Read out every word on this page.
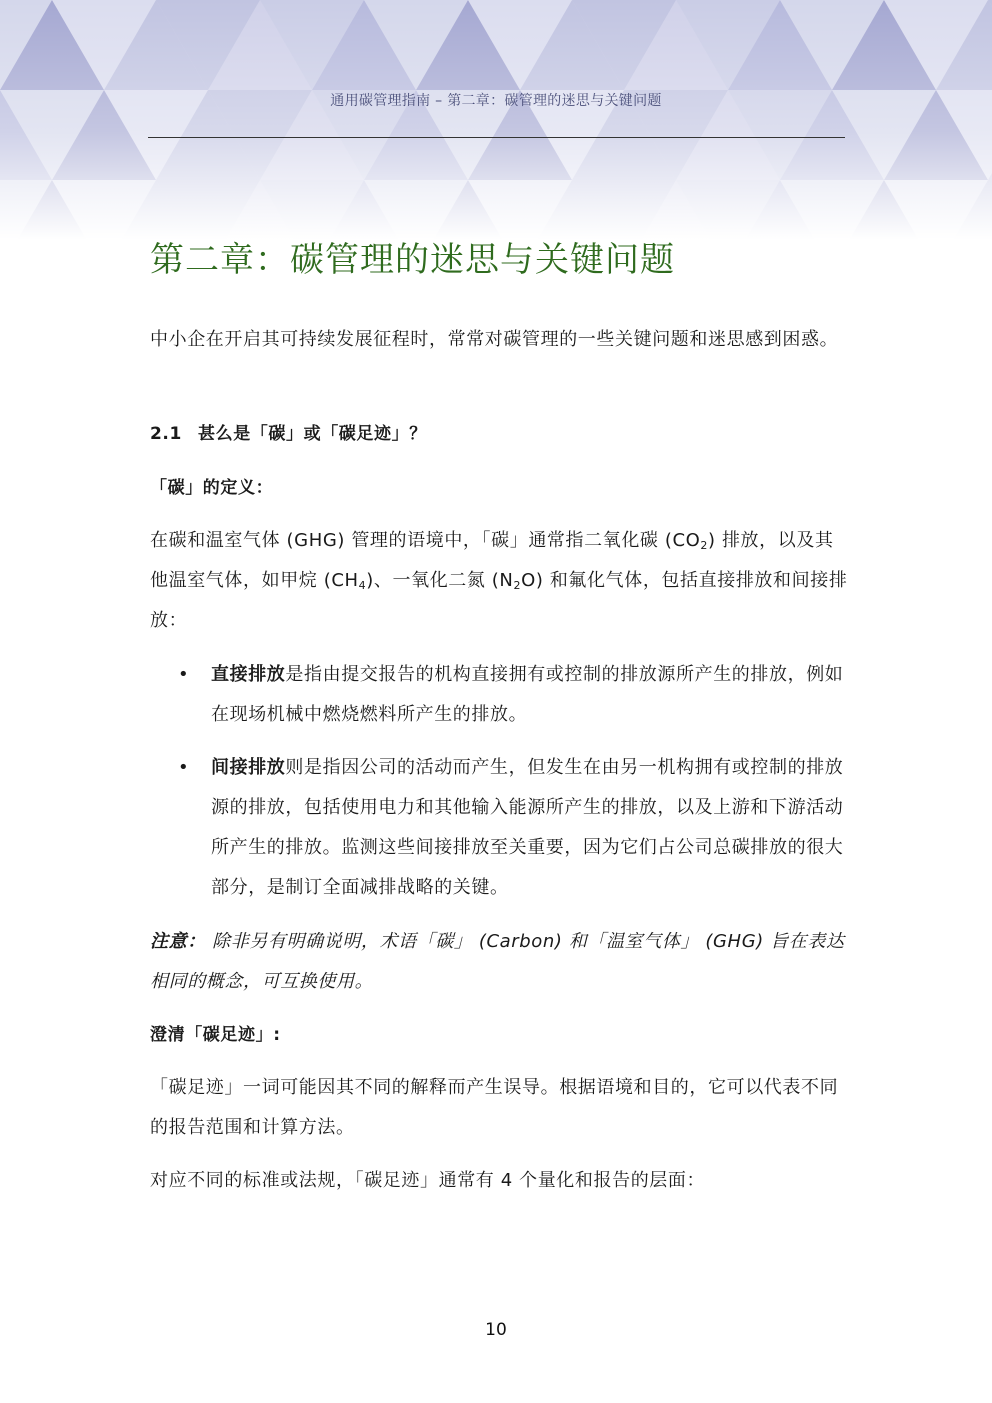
通用碳管理指南 – 第二章：碳管理的迷思与关键问题
第二章：碳管理的迷思与关键问题

中小企在开启其可持续发展征程时，常常对碳管理的一些关键问题和迷思感到困惑。

2.1 甚么是「碳」或「碳足迹」？
「碳」的定义：

在碳和温室气体 (GHG) 管理的语境中，「碳」通常指二氧化碳 $(CO_2)$ 排放，以及其他温室气体，如甲烷 $(CH_4)$、一氧化二氮 $(N_2O)$ 和氟化气体，包括直接排放和间接排放：

•	直接排放是指由提交报告的机构直接拥有或控制的排放源所产生的排放，例如在现场机械中燃烧燃料所产生的排放。

•	间接排放则是指因公司的活动而产生，但发生在由另一机构拥有或控制的排放源的排放，包括使用电力和其他输入能源所产生的排放，以及上游和下游活动所产生的排放。监测这些间接排放至关重要，因为它们占公司总碳排放的很大部分，是制订全面减排战略的关键。

注意： 除非另有明确说明，术语「碳」 (Carbon) 和「温室气体」 (GHG) 旨在表达相同的概念，可互换使用。

澄清「碳足迹」:

「碳足迹」一词可能因其不同的解释而产生误导。根据语境和目的，它可以代表不同的报告范围和计算方法。

对应不同的标准或法规，「碳足迹」通常有 4 个量化和报告的层面：

10
